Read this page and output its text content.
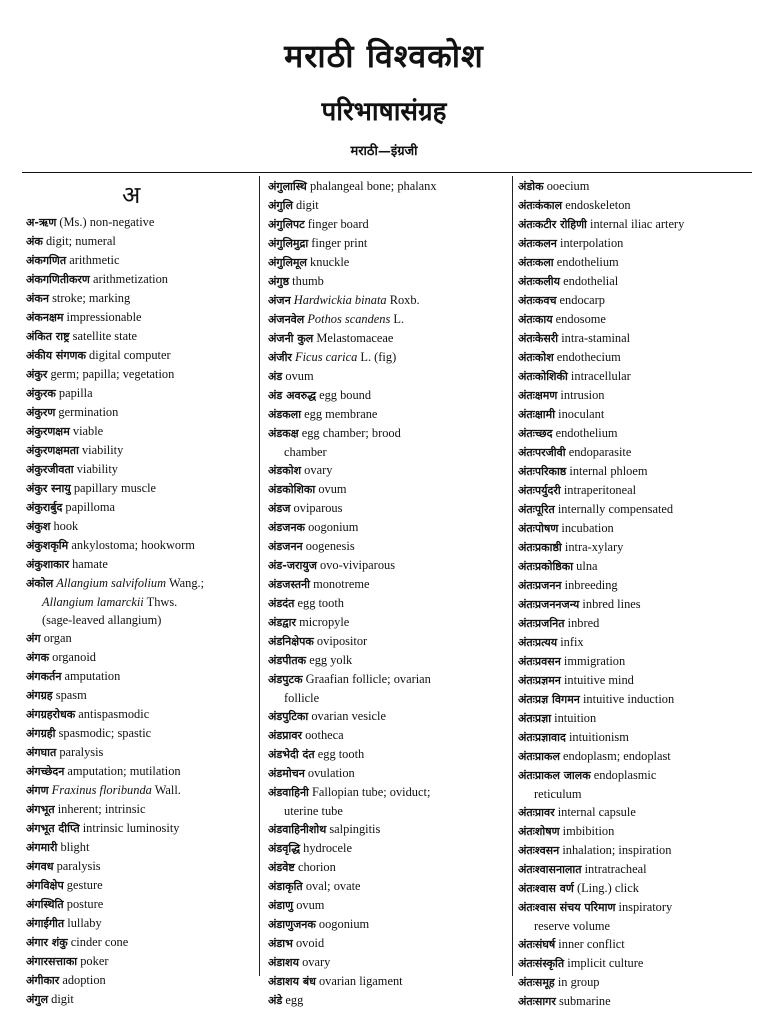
मराठी विश्वकोश
परिभाषासंग्रह
मराठी—इंग्रजी
अ
अ-ऋण (Ms.) non-negative
अंक digit; numeral
अंकगणित arithmetic
अंकगणितीकरण arithmetization
अंकन stroke; marking
अंकनक्षम impressionable
अंकित राष्ट्र satellite state
अंकीय संगणक digital computer
अंकुर germ; papilla; vegetation
अंकुरक papilla
अंकुरण germination
अंकुरणक्षम viable
अंकुरणक्षमता viability
अंकुरजीवता viability
अंकुर स्नायु papillary muscle
अंकुरार्बुद papilloma
अंकुश hook
अंकुशकृमि ankylostoma; hookworm
अंकुशाकार hamate
अंकोल Allangium salvifolium Wang.;
Allangium lamarckii Thws.
(sage-leaved allangium)
अंग organ
अंगक organoid
अंगकर्तन amputation
अंगग्रह spasm
अंगग्रहरोधक antispasmodic
अंगग्रही spasmodic; spastic
अंगघात paralysis
अंगच्छेदन amputation; mutilation
अंगण Fraxinus floribunda Wall.
अंगभूत inherent; intrinsic
अंगभूत दीप्ति intrinsic luminosity
अंगमारी blight
अंगवध paralysis
अंगविक्षेप gesture
अंगस्थिति posture
अंगाईगीत lullaby
अंगार शंकु cinder cone
अंगारसत्ताका poker
अंगीकार adoption
अंगुल digit
अंगुलास्थि phalangeal bone; phalanx
अंगुलि digit
अंगुलिपट finger board
अंगुलिमुद्रा finger print
अंगुलिमूल knuckle
अंगुष्ठ thumb
अंजन Hardwickia binata Roxb.
अंजनवेल Pothos scandens L.
अंजनी कुल Melastomaceae
अंजीर Ficus carica L. (fig)
अंड ovum
अंड अवरुद्ध egg bound
अंडकला egg membrane
अंडकक्ष egg chamber; brood
chamber
अंडकोश ovary
अंडकोशिका ovum
अंडज oviparous
अंडजनक oogonium
अंडजनन oogenesis
अंड-जरायुज ovo-viviparous
अंडजस्तनी monotreme
अंडदंत egg tooth
अंडद्वार micropyle
अंडनिक्षेपक ovipositor
अंडपीतक egg yolk
अंडपुटक Graafian follicle; ovarian
follicle
अंडपुटिका ovarian vesicle
अंडप्रावर ootheca
अंडभेदी दंत egg tooth
अंडमोचन ovulation
अंडवाहिनी Fallopian tube; oviduct;
uterine tube
अंडवाहिनीशोथ salpingitis
अंडवृद्धि hydrocele
अंडवेष्ट chorion
अंडाकृति oval; ovate
अंडाणु ovum
अंडाणुजनक oogonium
अंडाभ ovoid
अंडाशय ovary
अंडाशय बंध ovarian ligament
अंडे egg
अंडोक ooecium
अंतःकंकाल endoskeleton
अंतःकटीर रोहिणी internal iliac artery
अंतःकलन interpolation
अंतःकला endothelium
अंतःकलीय endothelial
अंतःकवच endocarp
अंतःकाय endosome
अंतःकेसरी intra-staminal
अंतःकोश endothecium
अंतःकोशिकी intracellular
अंतःक्षमण intrusion
अंतःक्षामी inoculant
अंतःच्छद endothelium
अंतःपरजीवी endoparasite
अंतःपरिकाष्ठ internal phloem
अंतःपर्युदरी intraperitoneal
अंतःपूरित internally compensated
अंतःपोषण incubation
अंतःप्रकाष्ठी intra-xylary
अंतःप्रकोष्ठिका ulna
अंतःप्रजनन inbreeding
अंतःप्रजननजन्य inbred lines
अंतःप्रजनित inbred
अंतःप्रत्यय infix
अंतःप्रवसन immigration
अंतःप्रज्ञमन intuitive mind
अंतःप्रज्ञ विगमन intuitive induction
अंतःप्रज्ञा intuition
अंतःप्रज्ञावाद intuitionism
अंतःप्राकल endoplasm; endoplast
अंतःप्राकल जालक endoplasmic
reticulum
अंतःप्रावर internal capsule
अंतःशोषण imbibition
अंतःश्वसन inhalation; inspiration
अंतःश्वासनालात intratracheal
अंतःश्वास वर्ण (Ling.) click
अंतःश्वास संचय परिमाण inspiratory
reserve volume
अंतःसंघर्ष inner conflict
अंतःसंस्कृति implicit culture
अंतःसमूह in group
अंतःसागर submarine
